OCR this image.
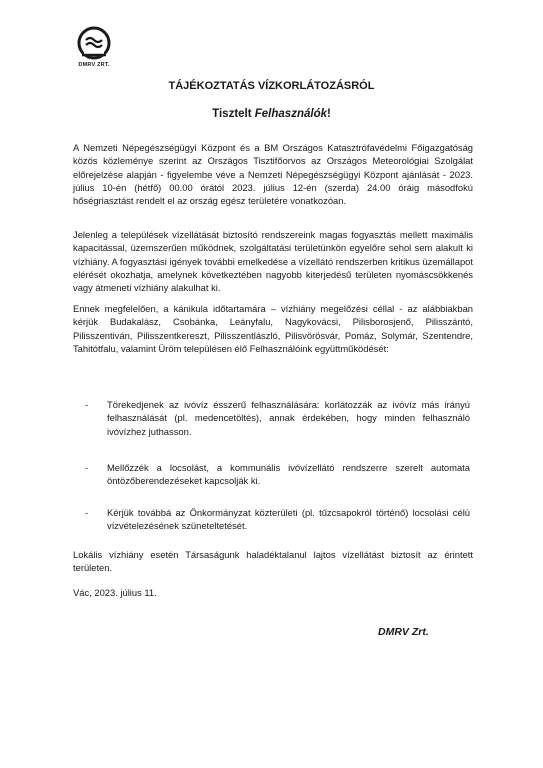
DMRV ZRT.
TÁJÉKOZTATÁS VÍZKORLÁTOZÁSRÓL
Tisztelt Felhasználók!

A Nemzeti Népegészségügyi Központ és a BM Országos Katasztrófavédelmi Főigazgatóság közös közleménye szerint az Országos Tisztifőorvos az Országos Meteorológiai Szolgálat előrejelzése alapján - figyelembe véve a Nemzeti Népegészségügyi Központ ajánlását - 2023. július 10-én (hétfő) 00.00 órától 2023. július 12-én (szerda) 24.00 óráig másodfokú hőségriasztást rendelt el az ország egész területére vonatkozóan.

Jelenleg a települések vízellátását biztosító rendszereink magas fogyasztás mellett maximális kapacitással, üzemszerűen működnek, szolgáltatási területünkön egyelőre sehol sem alakult ki vízhiány. A fogyasztási igények további emelkedése a vízellátó rendszerben kritikus üzemállapot elérését okozhatja, amelynek következtében nagyobb kiterjedésű területen nyomáscsökkenés vagy átmeneti vízhiány alakulhat ki.

Ennek megfelelően, a kánikula időtartamára – vízhiány megelőzési céllal - az alábbiakban kérjük Budakalász, Csobánka, Leányfalu, Nagykovácsi, Pilisborosjenő, Pilisszántó, Pilisszentiván, Pilisszentkereszt, Pilisszentlászló, Pilisvörösvár, Pomáz, Solymár, Szentendre, Tahitótfalu, valamint Üröm településen élő Felhasználóink együttműködését:

- Törekedjenek az ivóvíz ésszerű felhasználására: korlátozzák az ivóvíz más irányú felhasználását (pl. medencetöltés), annak érdekében, hogy minden felhasználó ivóvízhez juthasson.
- Mellőzzék a locsolást, a kommunális ivóvízellátó rendszerre szerelt automata öntözőberendezéseket kapcsolják ki.
- Kérjük továbbá az Önkormányzat közterületi (pl. tűzcsapokról történő) locsolási célú vízvételezésének szüneteltetését.

Lokális vízhiány esetén Társaságunk haladéktalanul lajtos vízellátást biztosít az érintett területen.

Vác, 2023. július 11.
DMRV Zrt.
